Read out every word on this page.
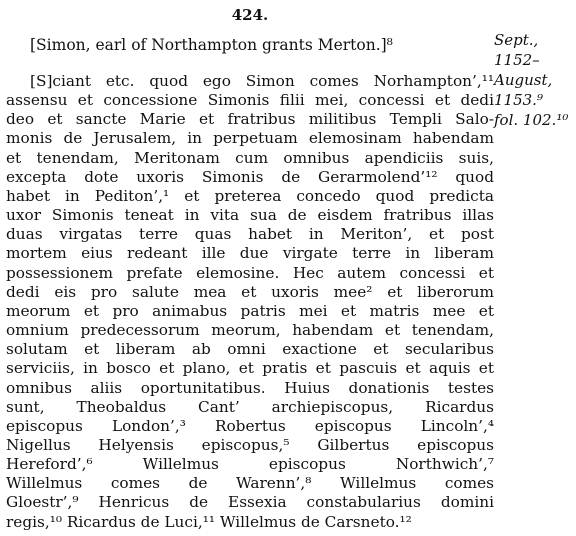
424.
[Simon, earl of Northampton grants Merton.]⁸	Sept.,
1152–
August,
1153.⁹
fol. 102.¹⁰
[S]ciant etc. quod ego Simon comes Norhampton’,¹¹
assensu et concessione Simonis filii mei, concessi et dedi
deo et sancte Marie et fratribus militibus Templi Salo-
monis de Jerusalem, in perpetuam elemosinam habendam
et tenendam, Meritonam cum omnibus apendiciis suis,
excepta dote uxoris Simonis de Gerarmolend’¹² quod
habet in Pediton’,¹ et preterea concedo quod predicta
uxor Simonis teneat in vita sua de eisdem fratribus illas
duas virgatas terre quas habet in Meriton’, et post
mortem eius redeant ille due virgate terre in liberam
possessionem prefate elemosine. Hec autem concessi et
dedi eis pro salute mea et uxoris mee² et liberorum
meorum et pro animabus patris mei et matris mee et
omnium predecessorum meorum, habendam et tenendam,
solutam et liberam ab omni exactione et secularibus
serviciis, in bosco et plano, et pratis et pascuis et aquis et
omnibus aliis oportunitatibus. Huius donationis testes
sunt, Theobaldus Cant’ archiepiscopus, Ricardus
episcopus London’,³ Robertus episcopus Lincoln’,⁴
Nigellus Helyensis episcopus,⁵ Gilbertus episcopus
Hereford’,⁶ Willelmus episcopus Northwich’,⁷
Willelmus comes de Warenn’,⁸ Willelmus comes
Gloestr’,⁹ Henricus de Essexia constabularius domini
regis,¹⁰ Ricardus de Luci,¹¹ Willelmus de Carsneto.¹²
